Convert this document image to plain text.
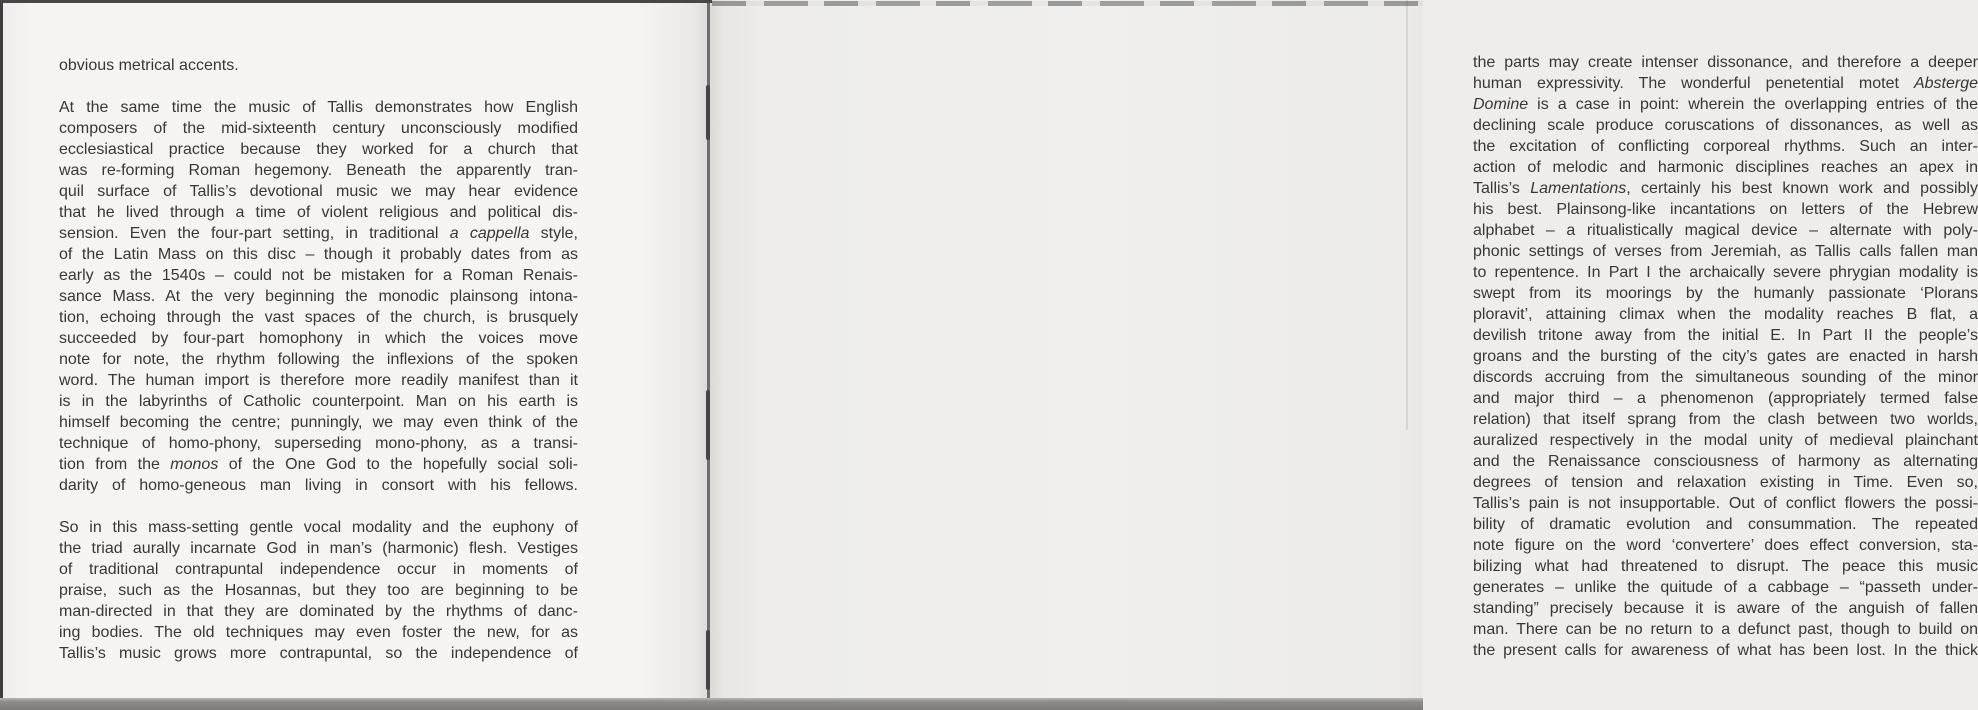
obvious metrical accents.
At the same time the music of Tallis demonstrates how English
composers of the mid-sixteenth century unconsciously modified
ecclesiastical practice because they worked for a church that
was re-forming Roman hegemony. Beneath the apparently tran-
quil surface of Tallis’s devotional music we may hear evidence
that he lived through a time of violent religious and political dis-
sension. Even the four-part setting, in traditional a cappella style,
of the Latin Mass on this disc – though it probably dates from as
early as the 1540s – could not be mistaken for a Roman Renais-
sance Mass. At the very beginning the monodic plainsong intona-
tion, echoing through the vast spaces of the church, is brusquely
succeeded by four-part homophony in which the voices move
note for note, the rhythm following the inflexions of the spoken
word. The human import is therefore more readily manifest than it
is in the labyrinths of Catholic counterpoint. Man on his earth is
himself becoming the centre; punningly, we may even think of the
technique of homo-phony, superseding mono-phony, as a transi-
tion from the monos of the One God to the hopefully social soli-
darity of homo-geneous man living in consort with his fellows.
So in this mass-setting gentle vocal modality and the euphony of
the triad aurally incarnate God in man’s (harmonic) flesh. Vestiges
of traditional contrapuntal independence occur in moments of
praise, such as the Hosannas, but they too are beginning to be
man-directed in that they are dominated by the rhythms of danc-
ing bodies. The old techniques may even foster the new, for as
Tallis’s music grows more contrapuntal, so the independence of
the parts may create intenser dissonance, and therefore a deeper
human expressivity. The wonderful penetential motet Absterge
Domine is a case in point: wherein the overlapping entries of the
declining scale produce coruscations of dissonances, as well as
the excitation of conflicting corporeal rhythms. Such an inter-
action of melodic and harmonic disciplines reaches an apex in
Tallis’s Lamentations, certainly his best known work and possibly
his best. Plainsong-like incantations on letters of the Hebrew
alphabet – a ritualistically magical device – alternate with poly-
phonic settings of verses from Jeremiah, as Tallis calls fallen man
to repentence. In Part I the archaically severe phrygian modality is
swept from its moorings by the humanly passionate ‘Plorans
ploravit’, attaining climax when the modality reaches B flat, a
devilish tritone away from the initial E. In Part II the people’s
groans and the bursting of the city’s gates are enacted in harsh
discords accruing from the simultaneous sounding of the minor
and major third – a phenomenon (appropriately termed false
relation) that itself sprang from the clash between two worlds,
auralized respectively in the modal unity of medieval plainchant
and the Renaissance consciousness of harmony as alternating
degrees of tension and relaxation existing in Time. Even so,
Tallis’s pain is not insupportable. Out of conflict flowers the possi-
bility of dramatic evolution and consummation. The repeated
note figure on the word ‘convertere’ does effect conversion, sta-
bilizing what had threatened to disrupt. The peace this music
generates – unlike the quitude of a cabbage – “passeth under-
standing” precisely because it is aware of the anguish of fallen
man. There can be no return to a defunct past, though to build on
the present calls for awareness of what has been lost. In the thick
